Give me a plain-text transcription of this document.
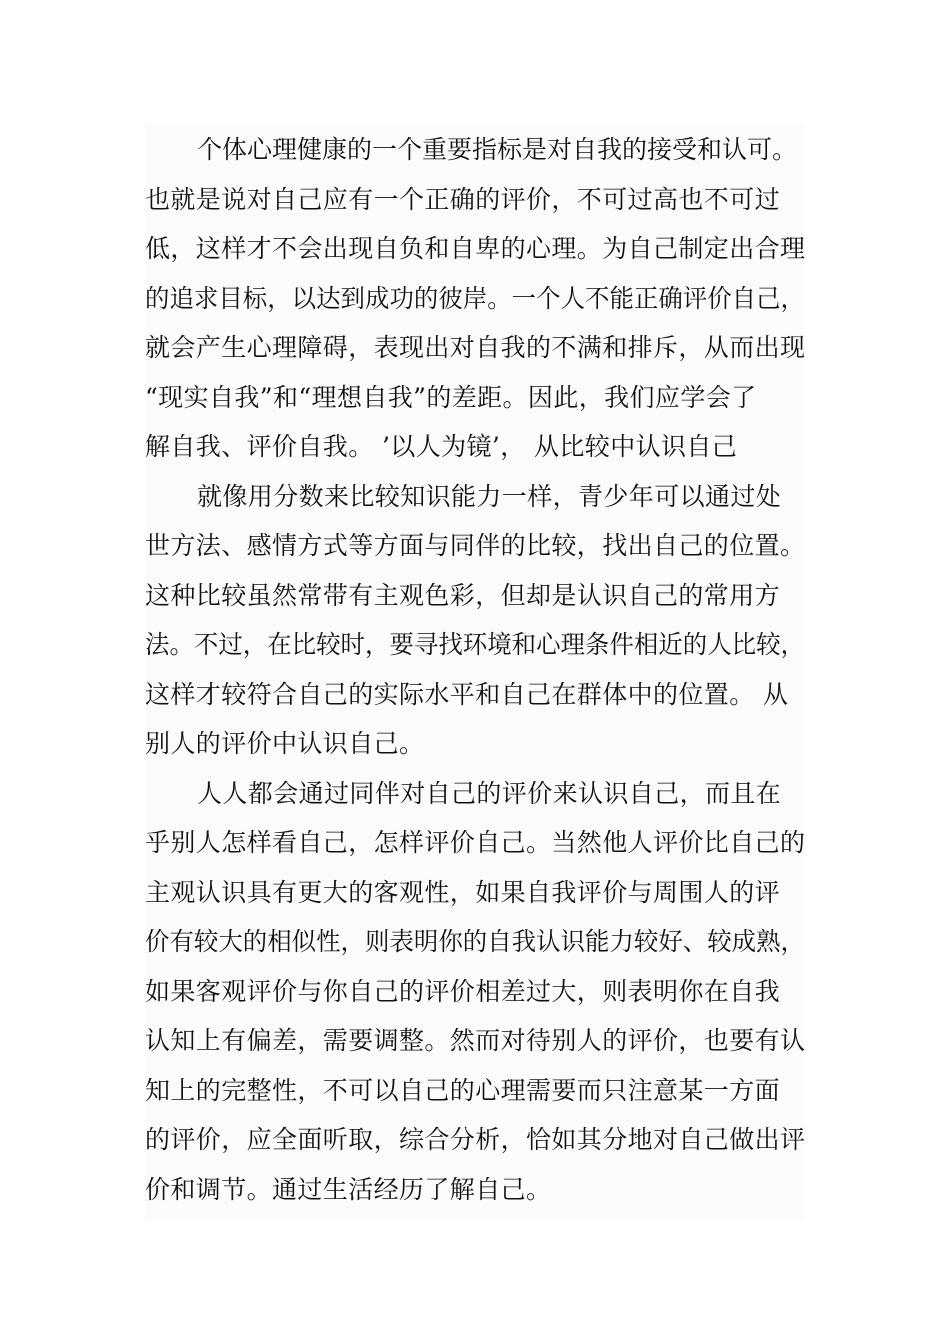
个体心理健康的一个重要指标是对自我的接受和认可。
也就是说对自己应有一个正确的评价，不可过高也不可过
低，这样才不会出现自负和自卑的心理。为自己制定出合理
的追求目标，以达到成功的彼岸。一个人不能正确评价自己，
就会产生心理障碍，表现出对自我的不满和排斥，从而出现
“现实自我”和“理想自我”的差距。因此，我们应学会了
解自我、评价自我。 ’以人为镜’， 从比较中认识自己
就像用分数来比较知识能力一样，青少年可以通过处
世方法、感情方式等方面与同伴的比较，找出自己的位置。
这种比较虽然常带有主观色彩，但却是认识自己的常用方
法。不过，在比较时，要寻找环境和心理条件相近的人比较，
这样才较符合自己的实际水平和自己在群体中的位置。 从
别人的评价中认识自己。
人人都会通过同伴对自己的评价来认识自己，而且在
乎别人怎样看自己，怎样评价自己。当然他人评价比自己的
主观认识具有更大的客观性，如果自我评价与周围人的评
价有较大的相似性，则表明你的自我认识能力较好、较成熟，
如果客观评价与你自己的评价相差过大，则表明你在自我
认知上有偏差，需要调整。然而对待别人的评价，也要有认
知上的完整性，不可以自己的心理需要而只注意某一方面
的评价，应全面听取，综合分析，恰如其分地对自己做出评
价和调节。通过生活经历了解自己。
